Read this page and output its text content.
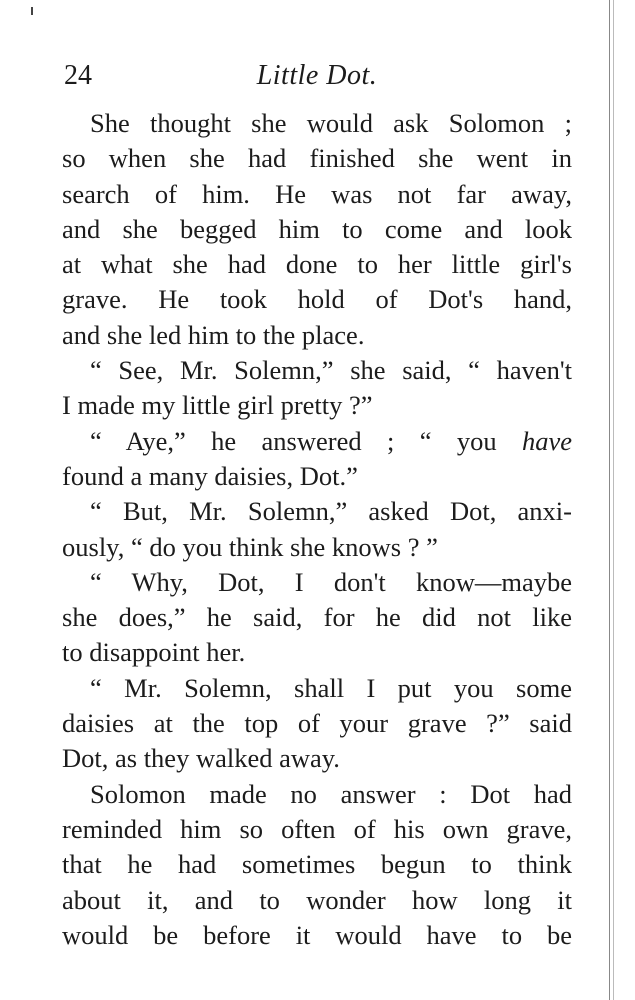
24	Little Dot.
She thought she would ask Solomon ;
so when she had finished she went in
search of him. He was not far away,
and she begged him to come and look
at what she had done to her little girl's
grave. He took hold of Dot's hand,
and she led him to the place.
“ See, Mr. Solemn,” she said, “ haven't
I made my little girl pretty ?”
“ Aye,” he answered ; “ you have
found a many daisies, Dot.”
“ But, Mr. Solemn,” asked Dot, anxi-
ously, “ do you think she knows ? ”
“ Why, Dot, I don't know—maybe
she does,” he said, for he did not like
to disappoint her.
“ Mr. Solemn, shall I put you some
daisies at the top of your grave ?” said
Dot, as they walked away.
Solomon made no answer : Dot had
reminded him so often of his own grave,
that he had sometimes begun to think
about it, and to wonder how long it
would be before it would have to be
